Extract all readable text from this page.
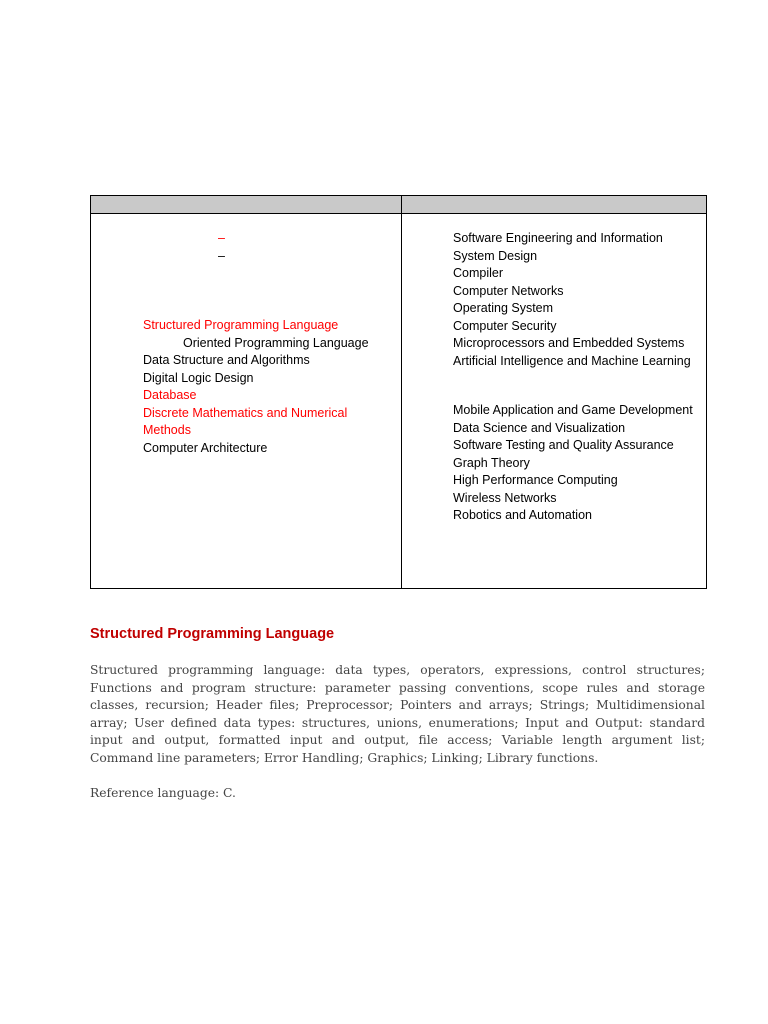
–
–
Structured Programming Language
Oriented Programming Language
Data Structure and Algorithms
Digital Logic Design
Database
Discrete Mathematics and Numerical Methods
Computer Architecture
Software Engineering and Information
System Design
Compiler
Computer Networks
Operating System
Computer Security
Microprocessors and Embedded Systems
Artificial Intelligence and Machine Learning
Mobile Application and Game Development
Data Science and Visualization
Software Testing and Quality Assurance
Graph Theory
High Performance Computing
Wireless Networks
Robotics and Automation
Structured Programming Language

Structured programming language: data types, operators, expressions, control structures; Functions and program structure: parameter passing conventions, scope rules and storage classes, recursion; Header files; Preprocessor; Pointers and arrays; Strings; Multidimensional array; User defined data types: structures, unions, enumerations; Input and Output: standard input and output, formatted input and output, file access; Variable length argument list; Command line parameters; Error Handling; Graphics; Linking; Library functions.

Reference language: C.
